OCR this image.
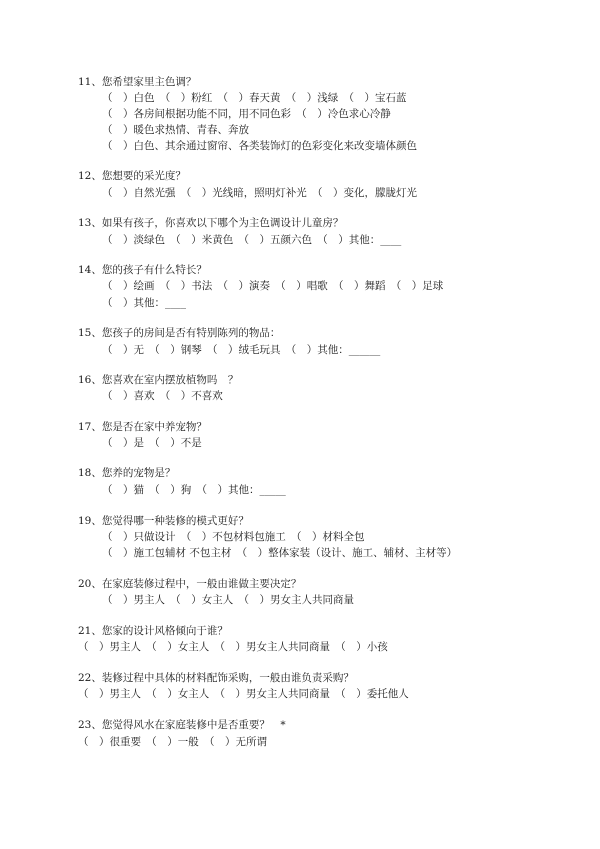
11、您希望家里主色调？
（　）白色　（　）粉红　（　）春天黄　（　）浅绿　（　）宝石蓝
（　）各房间根据功能不同，用不同色彩　（　）冷色求心冷静
（　）暖色求热情、青春、奔放
（　）白色、其余通过窗帘、各类装饰灯的色彩变化来改变墙体颜色
12、您想要的采光度？
（　）自然光强　（　）光线暗，照明灯补光　（　）变化，朦胧灯光
13、如果有孩子，你喜欢以下哪个为主色调设计儿童房？
（　）淡绿色　（　）米黄色　（　）五颜六色　（　）其他：____
14、您的孩子有什么特长？
（　）绘画　（　）书法　（　）演奏　（　）唱歌　（　）舞蹈　（　）足球
（　）其他：____
15、您孩子的房间是否有特别陈列的物品：
（　）无　（　）钢琴　（　）绒毛玩具　（　）其他：______
16、您喜欢在室内摆放植物吗　？
（　）喜欢　（　）不喜欢
17、您是否在家中养宠物？
（　）是　（　）不是
18、您养的宠物是？
（　）猫　（　）狗　（　）其他：_____
19、您觉得哪一种装修的模式更好？
（　）只做设计　（　）不包材料包施工　（　）材料全包
（　）施工包辅材 不包主材　（　）整体家装（设计、施工、辅材、主材等）
20、在家庭装修过程中，一般由谁做主要决定？
（　）男主人　（　）女主人　（　）男女主人共同商量
21、您家的设计风格倾向于谁？
（　）男主人　（　）女主人　（　）男女主人共同商量　（　）小孩
22、装修过程中具体的材料配饰采购，一般由谁负责采购？
（　）男主人　（　）女主人　（　）男女主人共同商量　（　）委托他人
23、您觉得风水在家庭装修中是否重要？　*
（　）很重要　（　）一般　（　）无所谓
